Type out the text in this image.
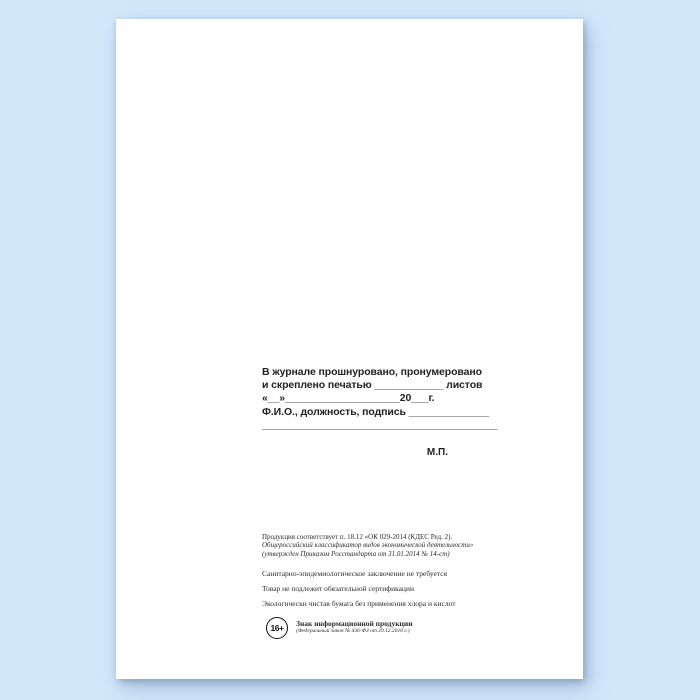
В журнале прошнуровано, пронумеровано
и скреплено печатью ____________ листов
«__»____________________20___г.
Ф.И.О., должность, подпись ______________
_________________________________________
М.П.
Продукция соответствует п. 18.12 «ОК 029-2014 (КДЕС Ред. 2).
Общероссийский классификатор видов экономической деятельности»
(утвержден Приказом Росстандарта от 31.01.2014 № 14-ст)
Санитарно-эпидемиологическое заключение не требуется
Товар не подлежит обязательной сертификации
Экологически чистая бумага без применения хлора и кислот
16+	Знак информационной продукции
(Федеральный закон № 436-ФЗ от 29.12.2010 г.)
